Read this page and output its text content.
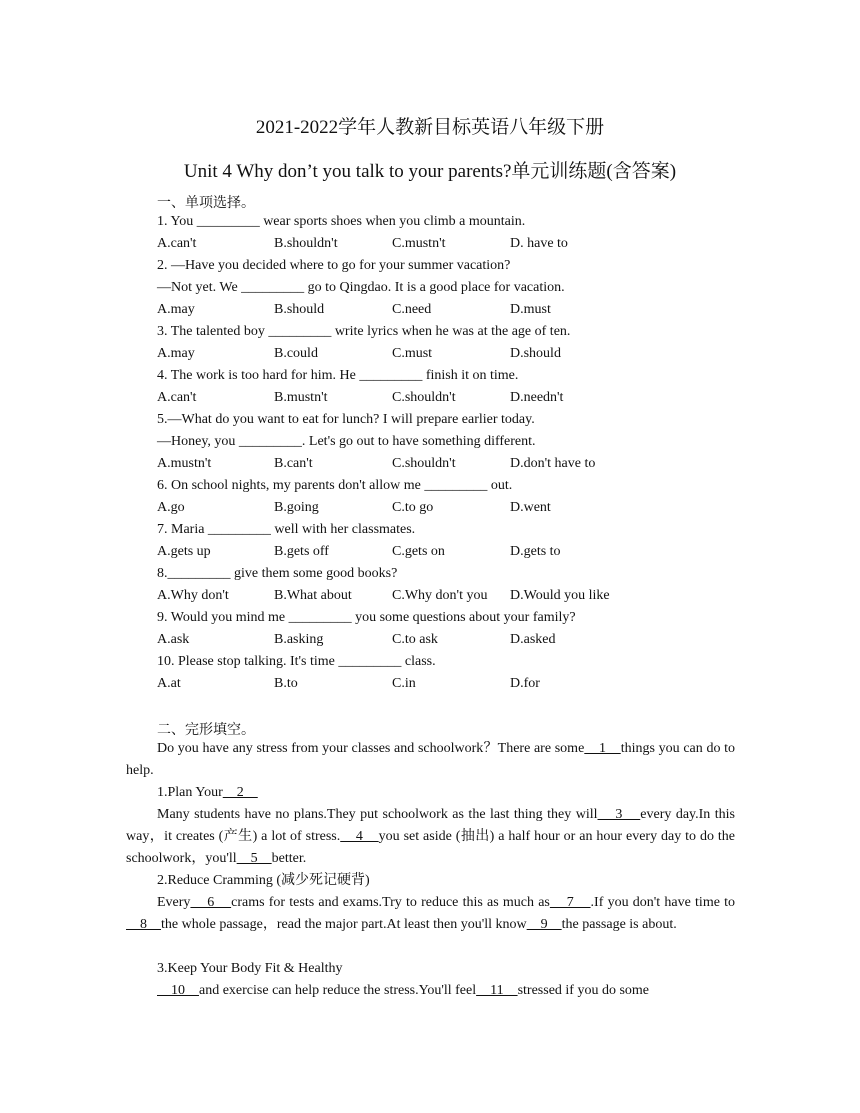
2021-2022学年人教新目标英语八年级下册
Unit 4 Why don’t you talk to your parents?单元训练题(含答案)
一、单项选择。
1. You _________ wear sports shoes when you climb a mountain.
A.can't	B.shouldn't	C.mustn't	D. have to
2. —Have you decided where to go for your summer vacation?
—Not yet. We _________ go to Qingdao. It is a good place for vacation.
A.may	B.should	C.need	D.must
3. The talented boy _________ write lyrics when he was at the age of ten.
A.may	B.could	C.must	D.should
4. The work is too hard for him. He _________ finish it on time.
A.can't	B.mustn't	C.shouldn't	D.needn't
5.—What do you want to eat for lunch? I will prepare earlier today.
—Honey, you _________. Let's go out to have something different.
A.mustn't	B.can't	C.shouldn't	D.don't have to
6. On school nights, my parents don't allow me _________ out.
A.go	B.going	C.to go	D.went
7. Maria _________ well with her classmates.
A.gets up	B.gets off	C.gets on	D.gets to
8._________ give them some good books?
A.Why don't	B.What about	C.Why don't you D.Would you like
9. Would you mind me _________ you some questions about your family?
A.ask	B.asking	C.to ask	D.asked
10. Please stop talking. It's time _________ class.
A.at	B.to	C.in	D.for
二、完形填空。
Do you have any stress from your classes and schoolwork？There are some    1    things you can do to help.
1.Plan Your    2
Many students have no plans.They put schoolwork as the last thing they will    3    every day.In this way，it creates (产生) a lot of stress.    4    you set aside (抽出) a half hour or an hour every day to do the schoolwork，you'll    5    better.
2.Reduce Cramming (减少死记硬背)
Every    6    crams for tests and exams.Try to reduce this as much as    7    .If you don't have time to    8    the whole passage，read the major part.At least then you'll know    9    the passage is about.
3.Keep Your Body Fit & Healthy
10    and exercise can help reduce the stress.You'll feel    11    stressed if you do some
